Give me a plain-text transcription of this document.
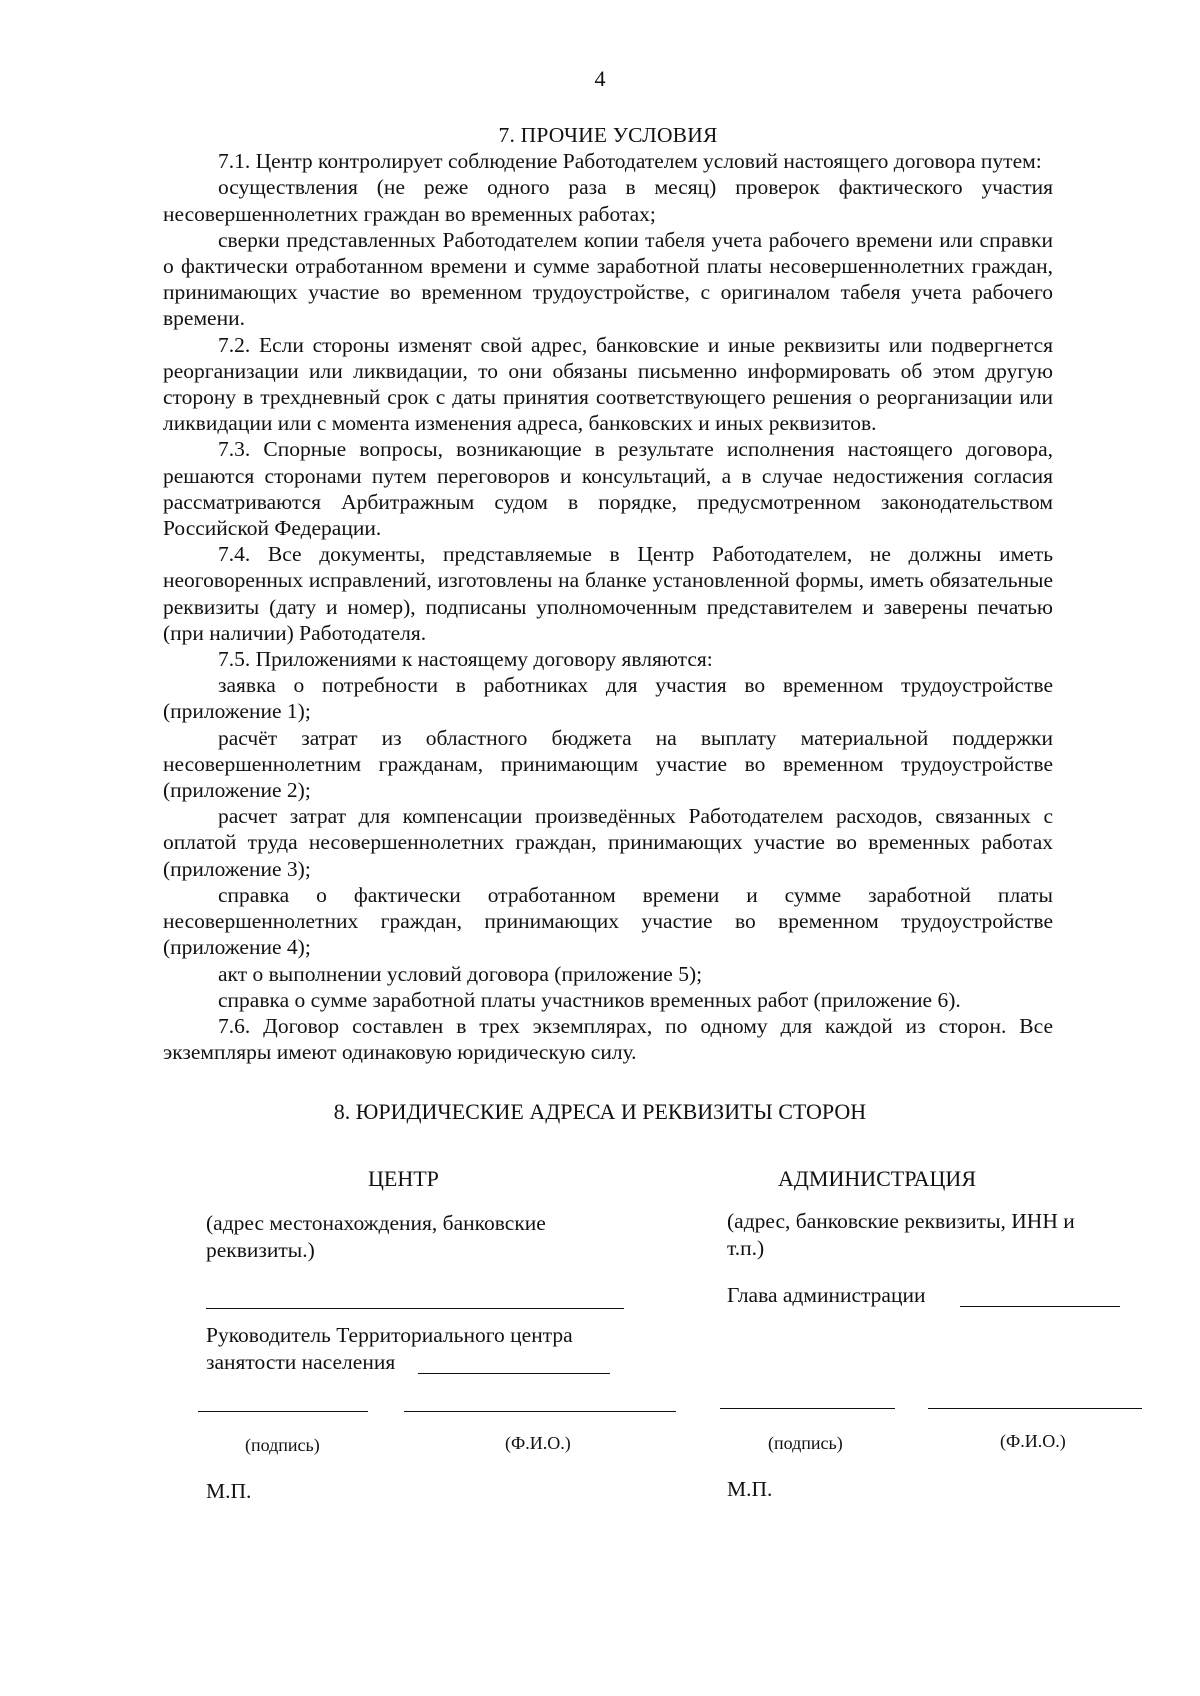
4
7. ПРОЧИЕ УСЛОВИЯ

7.1. Центр контролирует соблюдение Работодателем условий настоящего договора путем:

осуществления (не реже одного раза в месяц) проверок фактического участия несовершеннолетних граждан во временных работах;

сверки представленных Работодателем копии табеля учета рабочего времени или справки о фактически отработанном времени и сумме заработной платы несовершеннолетних граждан, принимающих участие во временном трудоустройстве, с оригиналом табеля учета рабочего времени.

7.2. Если стороны изменят свой адрес, банковские и иные реквизиты или подвергнется реорганизации или ликвидации, то они обязаны письменно информировать об этом другую сторону в трехдневный срок с даты принятия соответствующего решения о реорганизации или ликвидации или с момента изменения адреса, банковских и иных реквизитов.

7.3. Спорные вопросы, возникающие в результате исполнения настоящего договора, решаются сторонами путем переговоров и консультаций, а в случае недостижения согласия рассматриваются Арбитражным судом в порядке, предусмотренном законодательством Российской Федерации.

7.4. Все документы, представляемые в Центр Работодателем, не должны иметь неоговоренных исправлений, изготовлены на бланке установленной формы, иметь обязательные реквизиты (дату и номер), подписаны уполномоченным представителем и заверены печатью (при наличии) Работодателя.

7.5. Приложениями к настоящему договору являются:

заявка о потребности в работниках для участия во временном трудоустройстве (приложение 1);

расчёт затрат из областного бюджета на выплату материальной поддержки несовершеннолетним гражданам, принимающим участие во временном трудоустройстве (приложение 2);

расчет затрат для компенсации произведённых Работодателем расходов, связанных с оплатой труда несовершеннолетних граждан, принимающих участие во временных работах (приложение 3);

справка о фактически отработанном времени и сумме заработной платы несовершеннолетних граждан, принимающих участие во временном трудоустройстве (приложение 4);

акт о выполнении условий договора (приложение 5);

справка о сумме заработной платы участников временных работ (приложение 6).

7.6. Договор составлен в трех экземплярах, по одному для каждой из сторон. Все экземпляры имеют одинаковую юридическую силу.

8. ЮРИДИЧЕСКИЕ АДРЕСА И РЕКВИЗИТЫ СТОРОН
ЦЕНТР
(адрес местонахождения, банковские
реквизиты.)
Руководитель Территориального центра
занятости населения
(подпись)	(Ф.И.О.)
М.П.
АДМИНИСТРАЦИЯ
(адрес, банковские реквизиты, ИНН и
т.п.)
Глава администрации
(подпись)	(Ф.И.О.)
М.П.
